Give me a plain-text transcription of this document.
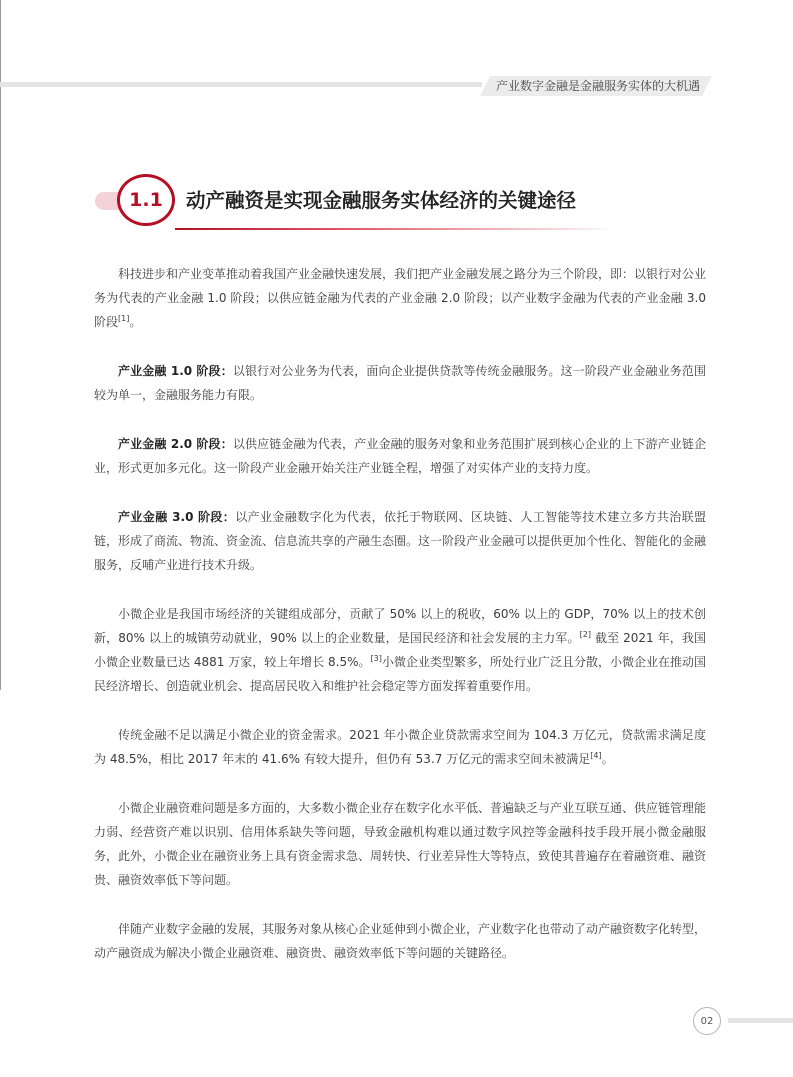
产业数字金融是金融服务实体的大机遇
1.1 动产融资是实现金融服务实体经济的关键途径

科技进步和产业变革推动着我国产业金融快速发展，我们把产业金融发展之路分为三个阶段，即：以银行对公业务为代表的产业金融 1.0 阶段；以供应链金融为代表的产业金融 2.0 阶段；以产业数字金融为代表的产业金融 3.0 阶段[1]。

产业金融 1.0 阶段：以银行对公业务为代表，面向企业提供贷款等传统金融服务。这一阶段产业金融业务范围较为单一，金融服务能力有限。

产业金融 2.0 阶段：以供应链金融为代表，产业金融的服务对象和业务范围扩展到核心企业的上下游产业链企业，形式更加多元化。这一阶段产业金融开始关注产业链全程，增强了对实体产业的支持力度。

产业金融 3.0 阶段：以产业金融数字化为代表，依托于物联网、区块链、人工智能等技术建立多方共治联盟链，形成了商流、物流、资金流、信息流共享的产融生态圈。这一阶段产业金融可以提供更加个性化、智能化的金融服务，反哺产业进行技术升级。

小微企业是我国市场经济的关键组成部分，贡献了 50% 以上的税收，60% 以上的 GDP，70% 以上的技术创新，80% 以上的城镇劳动就业，90% 以上的企业数量，是国民经济和社会发展的主力军。[2] 截至 2021 年，我国小微企业数量已达 4881 万家，较上年增长 8.5%。[3]小微企业类型繁多，所处行业广泛且分散，小微企业在推动国民经济增长、创造就业机会、提高居民收入和维护社会稳定等方面发挥着重要作用。

传统金融不足以满足小微企业的资金需求。2021 年小微企业贷款需求空间为 104.3 万亿元，贷款需求满足度为 48.5%，相比 2017 年末的 41.6% 有较大提升，但仍有 53.7 万亿元的需求空间未被满足[4]。

小微企业融资难问题是多方面的，大多数小微企业存在数字化水平低、普遍缺乏与产业互联互通、供应链管理能力弱、经营资产难以识别、信用体系缺失等问题，导致金融机构难以通过数字风控等金融科技手段开展小微金融服务，此外，小微企业在融资业务上具有资金需求急、周转快、行业差异性大等特点，致使其普遍存在着融资难、融资贵、融资效率低下等问题。

伴随产业数字金融的发展，其服务对象从核心企业延伸到小微企业，产业数字化也带动了动产融资数字化转型，动产融资成为解决小微企业融资难、融资贵、融资效率低下等问题的关键路径。

02
